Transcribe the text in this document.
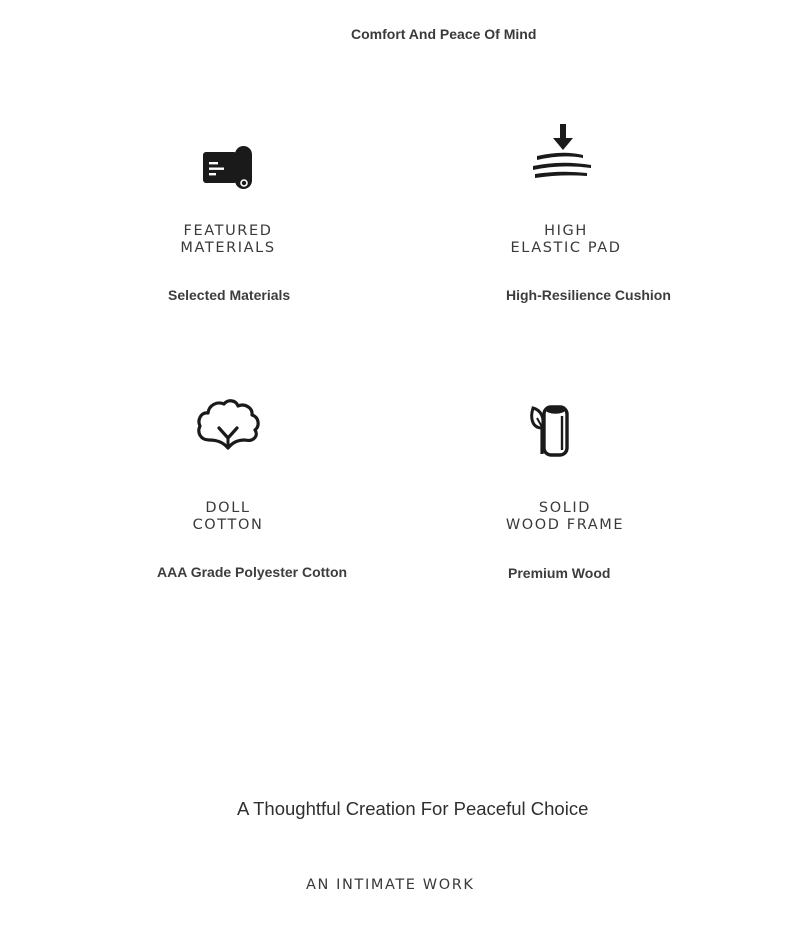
Comfort And Peace Of Mind
FEATURED
MATERIALS
Selected Materials
HIGH
ELASTIC PAD
High-Resilience Cushion
DOLL
COTTON
AAA Grade Polyester Cotton
SOLID
WOOD FRAME
Premium Wood
A Thoughtful Creation For Peaceful Choice
AN INTIMATE WORK
